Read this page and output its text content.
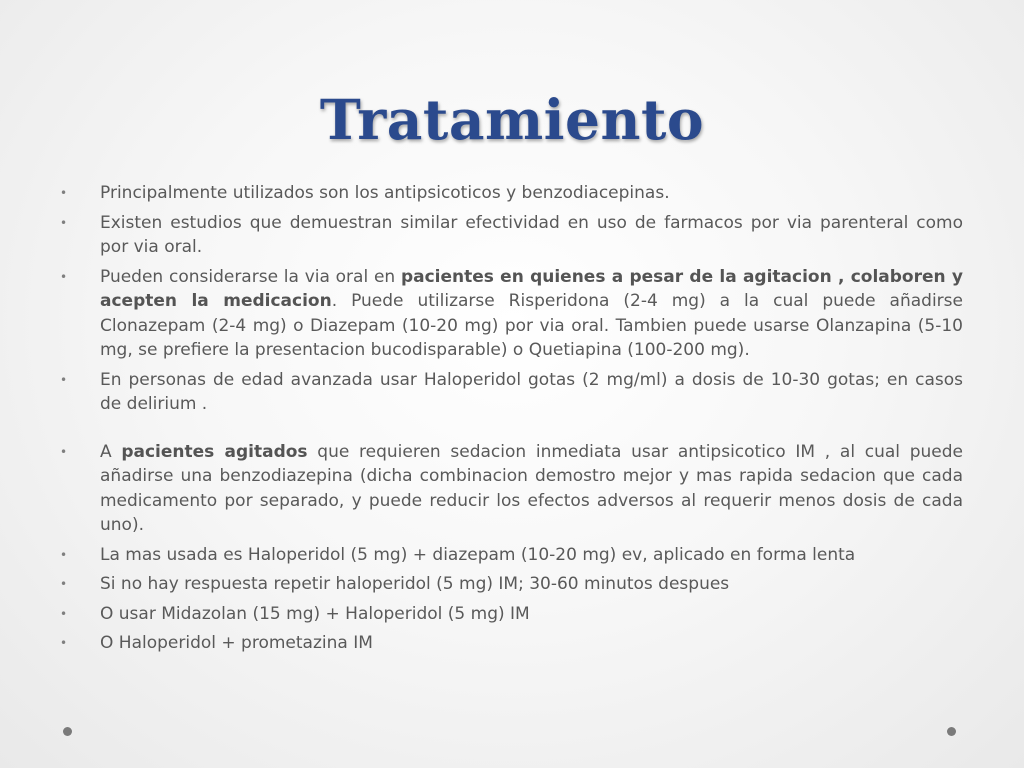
Tratamiento
• Principalmente utilizados son los antipsicoticos y benzodiacepinas.
• Existen estudios que demuestran similar efectividad en uso de farmacos por via parenteral como por via oral.
• Pueden considerarse la via oral en pacientes en quienes a pesar de la agitacion , colaboren y acepten la medicacion. Puede utilizarse Risperidona (2-4 mg) a la cual puede añadirse Clonazepam (2-4 mg) o Diazepam (10-20 mg) por via oral. Tambien puede usarse Olanzapina (5-10 mg, se prefiere la presentacion bucodisparable) o Quetiapina (100-200 mg).
• En personas de edad avanzada usar Haloperidol gotas (2 mg/ml) a dosis de 10-30 gotas; en casos de delirium .
• A pacientes agitados que requieren sedacion inmediata usar antipsicotico IM , al cual puede añadirse una benzodiazepina (dicha combinacion demostro mejor y mas rapida sedacion que cada medicamento por separado, y puede reducir los efectos adversos al requerir menos dosis de cada uno).
• La mas usada es Haloperidol (5 mg) + diazepam (10-20 mg) ev, aplicado en forma lenta
• Si no hay respuesta repetir haloperidol (5 mg) IM; 30-60 minutos despues
• O usar Midazolan (15 mg) + Haloperidol (5 mg) IM
• O Haloperidol + prometazina IM
